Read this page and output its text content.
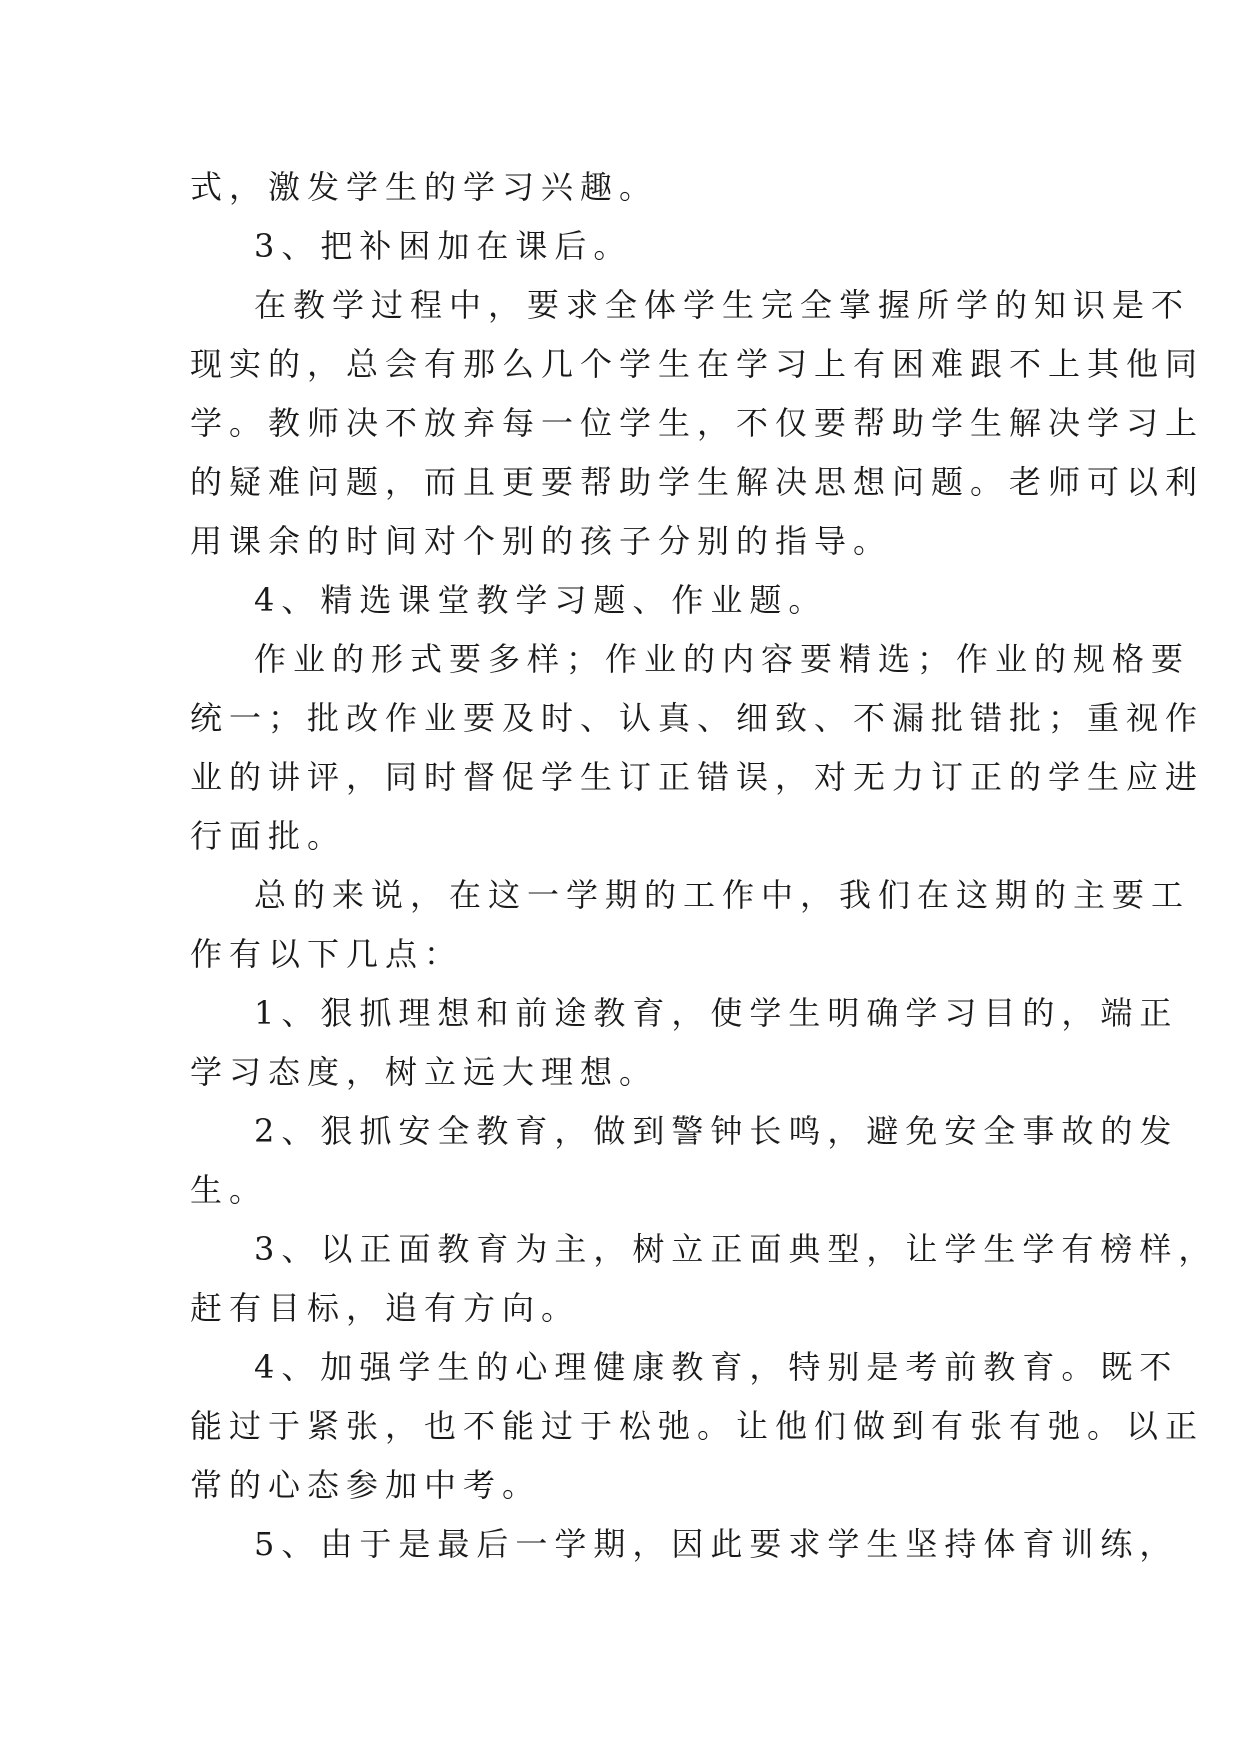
式，激发学生的学习兴趣。
3、把补困加在课后。
在教学过程中，要求全体学生完全掌握所学的知识是不
现实的，总会有那么几个学生在学习上有困难跟不上其他同
学。教师决不放弃每一位学生，不仅要帮助学生解决学习上
的疑难问题，而且更要帮助学生解决思想问题。老师可以利
用课余的时间对个别的孩子分别的指导。
4、精选课堂教学习题、作业题。
作业的形式要多样；作业的内容要精选；作业的规格要
统一；批改作业要及时、认真、细致、不漏批错批；重视作
业的讲评，同时督促学生订正错误，对无力订正的学生应进
行面批。
总的来说，在这一学期的工作中，我们在这期的主要工
作有以下几点：
1、狠抓理想和前途教育，使学生明确学习目的，端正
学习态度，树立远大理想。
2、狠抓安全教育，做到警钟长鸣，避免安全事故的发
生。
3、以正面教育为主，树立正面典型，让学生学有榜样，
赶有目标，追有方向。
4、加强学生的心理健康教育，特别是考前教育。既不
能过于紧张，也不能过于松弛。让他们做到有张有弛。以正
常的心态参加中考。
5、由于是最后一学期，因此要求学生坚持体育训练，
